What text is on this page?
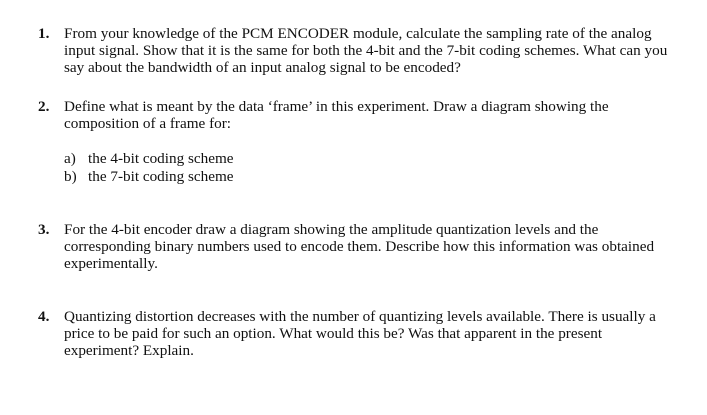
1. From your knowledge of the PCM ENCODER module, calculate the sampling rate of the analog input signal. Show that it is the same for both the 4-bit and the 7-bit coding schemes. What can you say about the bandwidth of an input analog signal to be encoded?
2. Define what is meant by the data ‘frame’ in this experiment. Draw a diagram showing the composition of a frame for:
a) the 4-bit coding scheme
b) the 7-bit coding scheme
3. For the 4-bit encoder draw a diagram showing the amplitude quantization levels and the corresponding binary numbers used to encode them. Describe how this information was obtained experimentally.
4. Quantizing distortion decreases with the number of quantizing levels available. There is usually a price to be paid for such an option. What would this be? Was that apparent in the present experiment? Explain.
